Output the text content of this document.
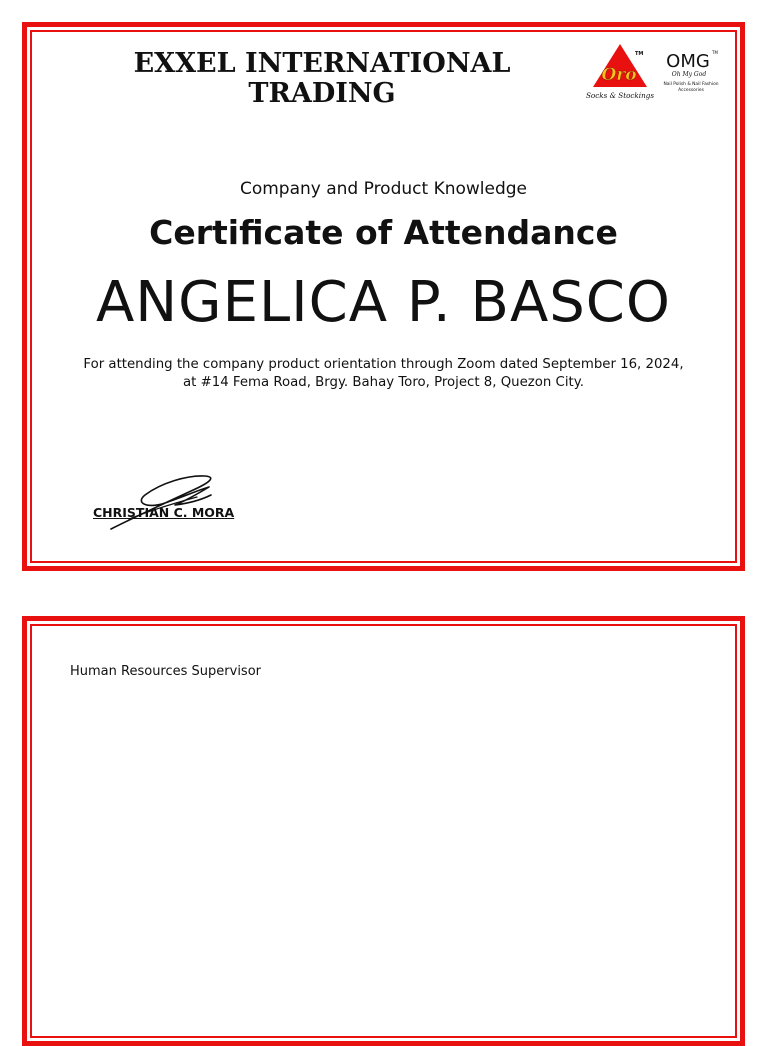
EXXEL INTERNATIONAL TRADING
Oro
TM
Socks & Stockings
OMG TM
Oh My God
Nail Polish & Nail Fashion
Accessories
Company and Product Knowledge
Certificate of Attendance
ANGELICA P. BASCO
For attending the company product orientation through Zoom dated September 16, 2024,
at #14 Fema Road, Brgy. Bahay Toro, Project 8, Quezon City.
CHRISTIAN C. MORA
Human Resources Supervisor
